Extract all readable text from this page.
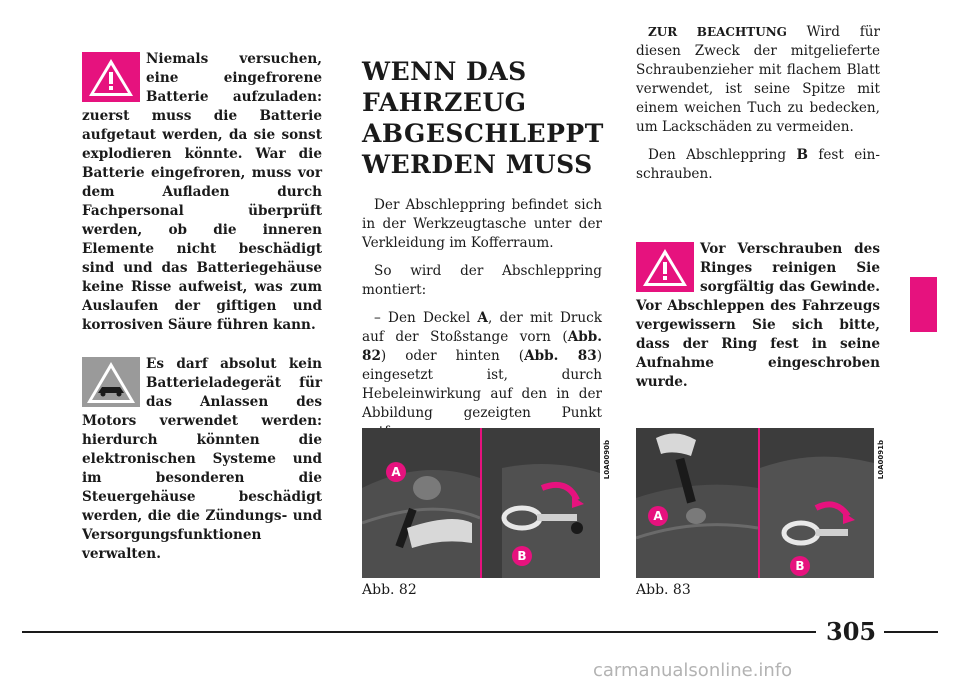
Niemals versuchen, eine eingefrorene Batterie aufzuladen: zuerst muss die Batterie aufgetaut werden, da sie sonst explodieren könnte. War die Batterie eingefroren, muss vor dem Aufladen durch Fachpersonal überprüft werden, ob die inneren Elemente nicht beschädigt sind und das Batteriegehäuse keine Risse aufweist, was zum Auslaufen der giftigen und korrosiven Säure führen kann.
Es darf absolut kein Batterieladegerät für das Anlassen des Motors verwendet werden: hierdurch könnten die elektronischen Systeme und im besonderen die Steuergehäuse beschädigt werden, die die Zündungs- und Versorgungsfunktionen verwalten.
WENN DAS FAHRZEUG ABGESCHLEPPT WERDEN MUSS

Der Abschleppring befindet sich in der Werkzeugtasche unter der Verkleidung im Kofferraum.

So wird der Abschleppring montiert:

– Den Deckel A, der mit Druck auf der Stoßstange vorn (Abb. 82) oder hinten (Abb. 83) eingesetzt ist, durch Hebeleinwirkung auf den in der Abbildung gezeigten Punkt

ZUR BEACHTUNG Wird für diesen Zweck der mitgelieferte Schraubenzieher mit flachem Blatt verwendet, ist seine Spitze mit einem weichen Tuch zu bedecken, um Lackschäden zu vermeiden.

Den Abschleppring B fest einschrauben.

Vor Verschrauben des Ringes reinigen Sie sorgfältig das Gewinde. Vor Abschleppen des Fahrzeugs vergewissern Sie sich bitte, dass der Ring fest in seine Aufnahme eingeschroben wurde.
A
B
L0A0090b
Abb. 82
A
B
L0A0091b
Abb. 83
305
carmanualsonline.info
